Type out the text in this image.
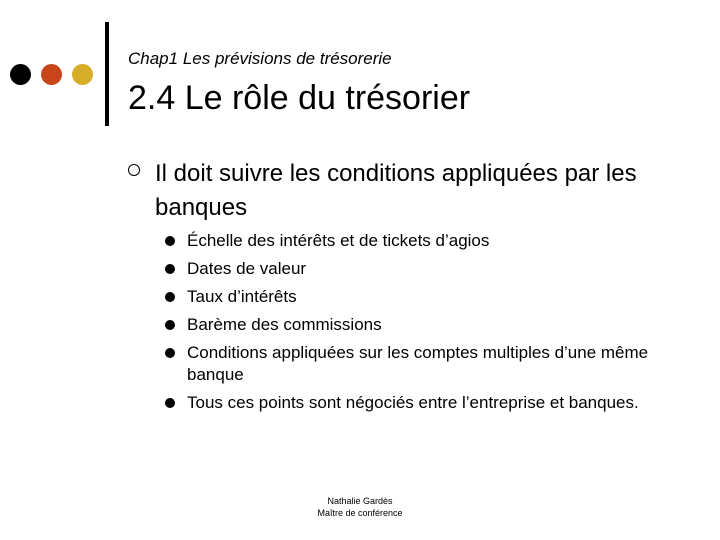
Chap1 Les prévisions de trésorerie
2.4 Le rôle du trésorier
Il doit suivre les conditions appliquées par les banques
Échelle des intérêts et de tickets d’agios
Dates de valeur
Taux d’intérêts
Barème des commissions
Conditions appliquées sur les comptes multiples d’une même banque
Tous ces points sont négociés entre l’entreprise et banques.
Nathalie Gardès
Maître de conférence
